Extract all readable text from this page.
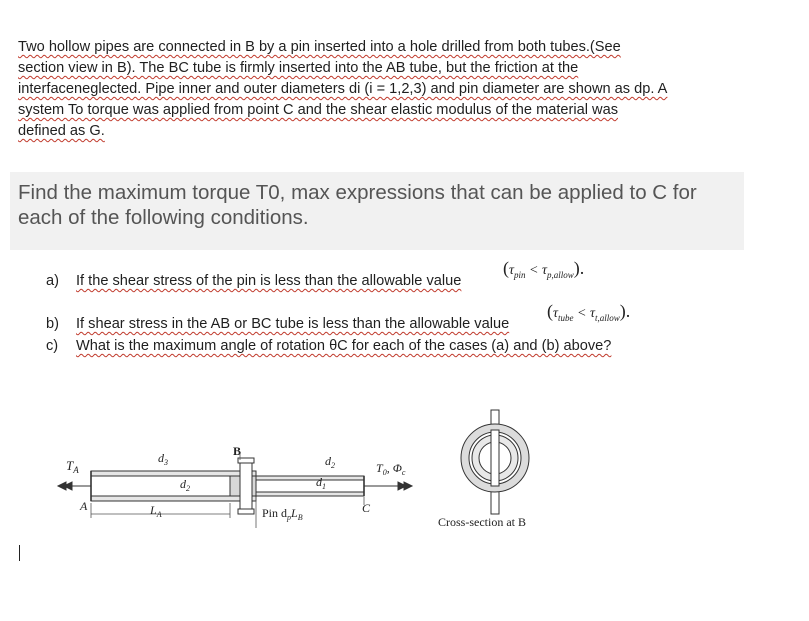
Two hollow pipes are connected in B by a pin inserted into a hole drilled from both tubes.(See
section view in B). The BC tube is firmly inserted into the AB tube, but the friction at the
interfaceneglected. Pipe inner and outer diameters di (i = 1,2,3) and pin diameter are shown as dp. A
system To torque was applied from point C and the shear elastic modulus of the material was
defined as G.
Find the maximum torque T0, max expressions that can be applied to C for
each of the following conditions.
a) If the shear stress of the pin is less than the allowable value
$(\tau_{pin} < \tau_{p,allow})$.
b) If shear stress in the AB or BC tube is less than the allowable value
$(\tau_{tube} < \tau_{t,allow})$.
c) What is the maximum angle of rotation θC for each of the cases (a) and (b) above?
$T_A$
A
$d_3$
$d_2$
$L_A$
B
$d_2$
$d_1$
Pin $d_pL_B$
C
$T_0$, $\Phi_c$
Cross-section at B
